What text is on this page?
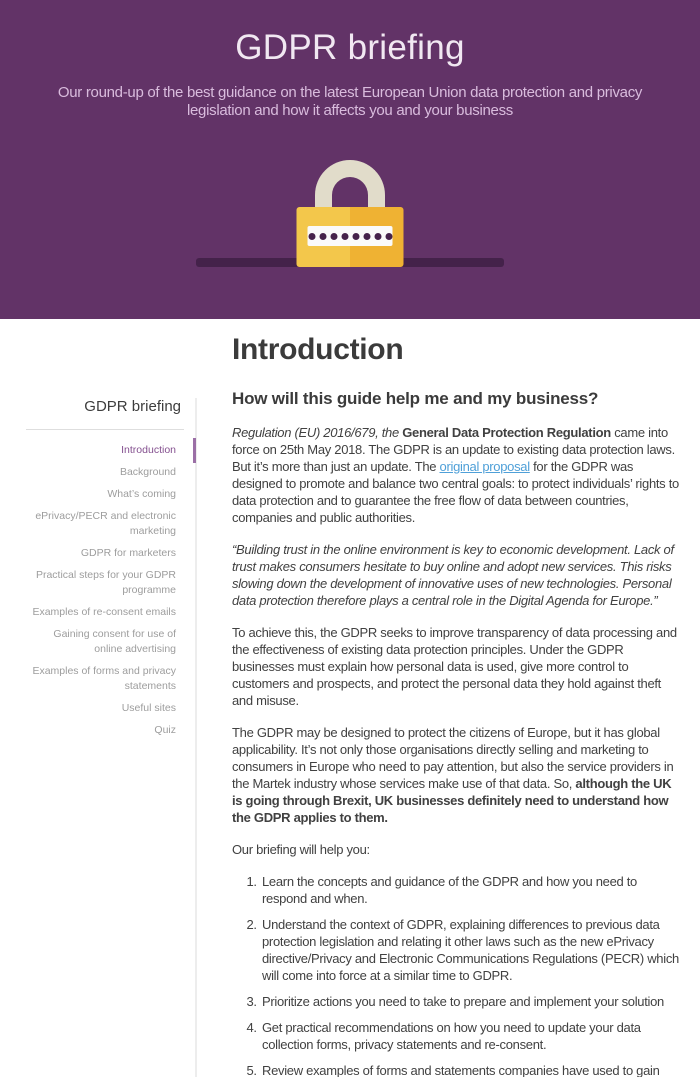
GDPR briefing

Our round-up of the best guidance on the latest European Union data protection and privacy legislation and how it affects you and your business

GDPR briefing
Introduction
Background
What’s coming
ePrivacy/PECR and electronic marketing
GDPR for marketers
Practical steps for your GDPR programme
Examples of re-consent emails
Gaining consent for use of online advertising
Examples of forms and privacy statements
Useful sites
Quiz
Introduction
How will this guide help me and my business?

Regulation (EU) 2016/679, the General Data Protection Regulation came into force on 25th May 2018. The GDPR is an update to existing data protection laws. But it’s more than just an update. The original proposal for the GDPR was designed to promote and balance two central goals: to protect individuals’ rights to data protection and to guarantee the free flow of data between countries, companies and public authorities.

“Building trust in the online environment is key to economic development. Lack of trust makes consumers hesitate to buy online and adopt new services. This risks slowing down the development of innovative uses of new technologies. Personal data protection therefore plays a central role in the Digital Agenda for Europe.”

To achieve this, the GDPR seeks to improve transparency of data processing and the effectiveness of existing data protection principles. Under the GDPR businesses must explain how personal data is used, give more control to customers and prospects, and protect the personal data they hold against theft and misuse.

The GDPR may be designed to protect the citizens of Europe, but it has global applicability. It’s not only those organisations directly selling and marketing to consumers in Europe who need to pay attention, but also the service providers in the Martek industry whose services make use of that data. So, although the UK is going through Brexit, UK businesses definitely need to understand how the GDPR applies to them.

Our briefing will help you:

1. Learn the concepts and guidance of the GDPR and how you need to respond and when.
2. Understand the context of GDPR, explaining differences to previous data protection legislation and relating it other laws such as the new ePrivacy directive/Privacy and Electronic Communications Regulations (PECR) which will come into force at a similar time to GDPR.
3. Prioritize actions you need to take to prepare and implement your solution
4. Get practical recommendations on how you need to update your data collection forms, privacy statements and re-consent.
5. Review examples of forms and statements companies have used to gain
